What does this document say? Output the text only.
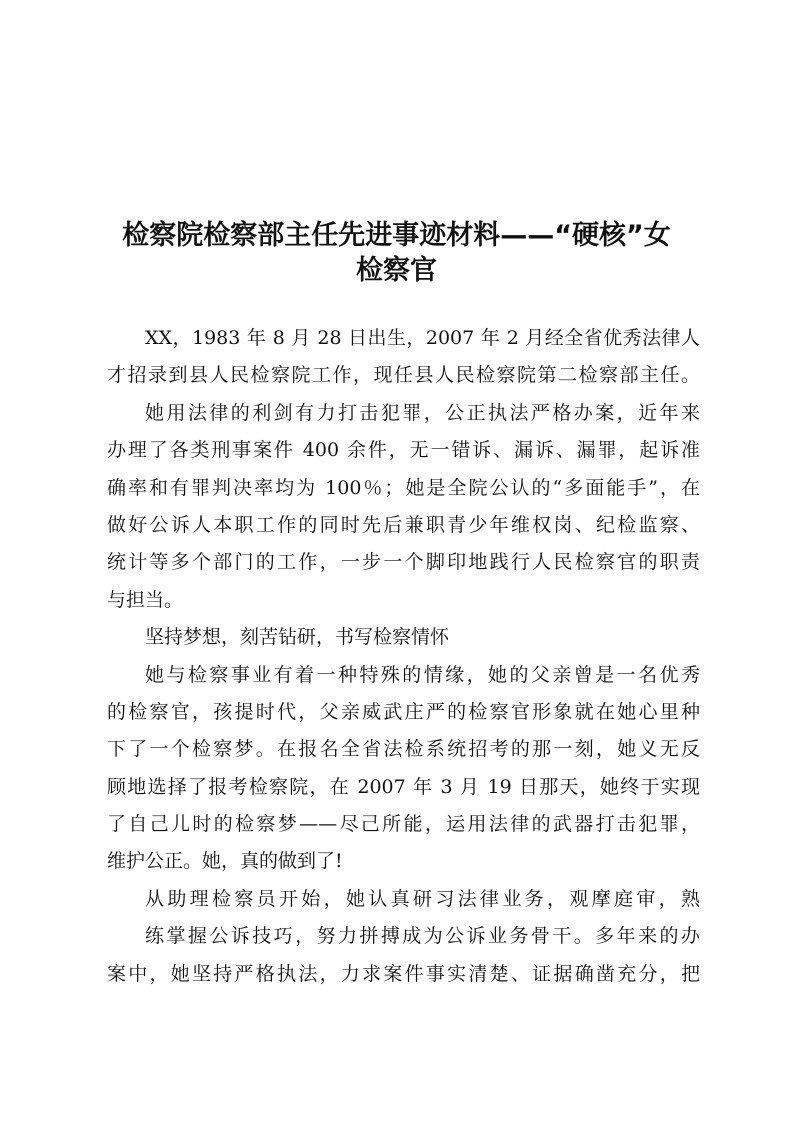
检察院检察部主任先进事迹材料——“硬核”女
检察官
XX，1983 年 8 月 28 日出生，2007 年 2 月经全省优秀法律人
才招录到县人民检察院工作，现任县人民检察院第二检察部主任。
她用法律的利剑有力打击犯罪，公正执法严格办案，近年来
办理了各类刑事案件 400 余件，无一错诉、漏诉、漏罪，起诉准
确率和有罪判决率均为 100％；她是全院公认的“多面能手”，在
做好公诉人本职工作的同时先后兼职青少年维权岗、纪检监察、
统计等多个部门的工作，一步一个脚印地践行人民检察官的职责
与担当。
坚持梦想，刻苦钻研，书写检察情怀
她与检察事业有着一种特殊的情缘，她的父亲曾是一名优秀
的检察官，孩提时代，父亲威武庄严的检察官形象就在她心里种
下了一个检察梦。在报名全省法检系统招考的那一刻，她义无反
顾地选择了报考检察院，在 2007 年 3 月 19 日那天，她终于实现
了自己儿时的检察梦——尽己所能，运用法律的武器打击犯罪，
维护公正。她，真的做到了!
从助理检察员开始，她认真研习法律业务，观摩庭审，熟
练掌握公诉技巧，努力拼搏成为公诉业务骨干。多年来的办
案中，她坚持严格执法，力求案件事实清楚、证据确凿充分，把
